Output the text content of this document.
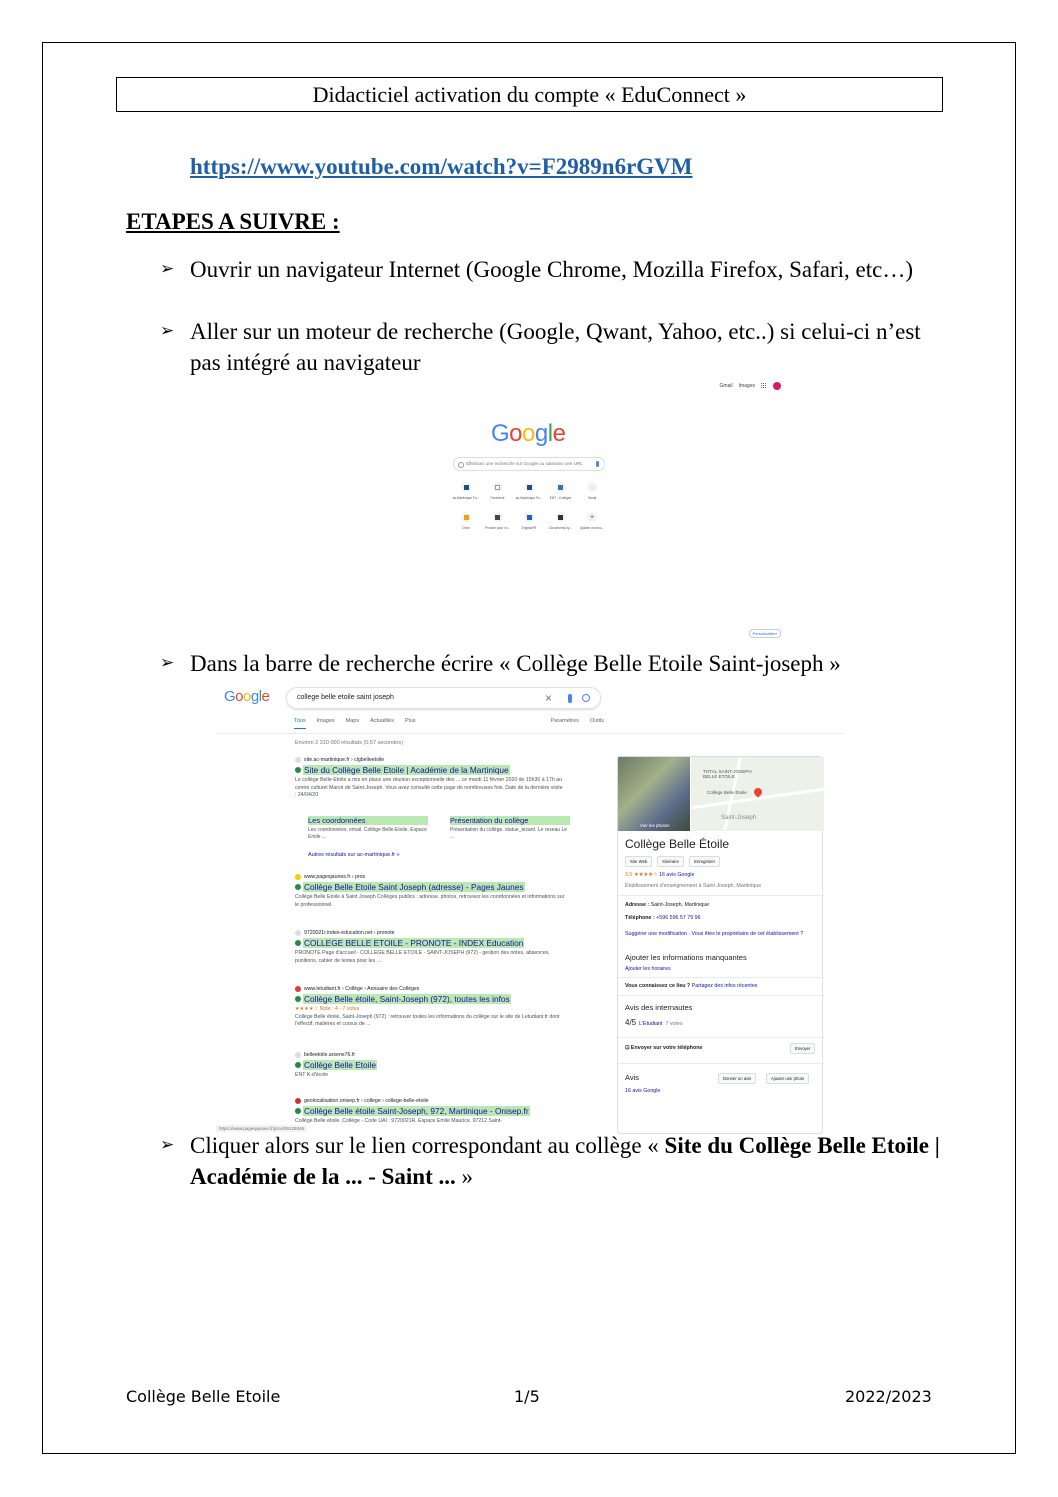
Didacticiel activation du compte « EduConnect »
https://www.youtube.com/watch?v=F2989n6rGVM
ETAPES A SUIVRE :
➢ Ouvrir un navigateur Internet (Google Chrome, Mozilla Firefox, Safari, etc…)
➢ Aller sur un moteur de recherche (Google, Qwant, Yahoo, etc..) si celui-ci n’est pas intégré au navigateur
Gmail Images
Google
Effectuez une recherche sur Google ou saisissez une URL
ac-Martinique Fo...	Facebook	ac-Martinique Fo... ENT - Collèges	Gmail
Drive	Pronote pour vo...	EnglishFR	Documents by...
+
Ajouter un racc...
Personnaliser
➢ Dans la barre de recherche écrire « Collège Belle Etoile Saint-joseph »
Google	college belle etoile saint joseph	×
Tous Images Maps Actualités Plus	Paramètres Outils
Environ 2 310 000 résultats (0,57 secondes)
site.ac-martinique.fr › clgbelleetoile
Site du Collège Belle Etoile | Académie de la Martinique
Le collège Belle-Etoile a mis en place une réunion exceptionnelle des ... ce mardi 11 février 2020 de 15h30 à 17h au centre culturel Marcé de Saint-Joseph. Vous avez consulté cette page de nombreuses fois. Date de la dernière visite : 24/04/20
Les coordonnées
Les coordonnées, email. Collège Belle-Etoile. Espace Emile ...
Présentation du collège
Présentation du collège. statue_lezard. Le reseau Le ...
Autres résultats sur ac-martinique.fr »
www.pagesjaunes.fr › pros
Collège Belle Etoile Saint Joseph (adresse) - Pages Jaunes
Collège Belle Etoile à Saint Joseph Collèges publics : adresse, photos, retrouvez les coordonnées et informations sur le professionnel.
9720021r.index-education.net › pronote
COLLEGE BELLE ETOILE - PRONOTE - INDEX Education
PRONOTE Page d'accueil - COLLEGE BELLE ETOILE - SAINT-JOSEPH (972) - gestion des notes, absences, punitions, cahier de textes pour les ...
www.letudiant.fr › Collège › Annuaire des Collèges
Collège Belle étoile, Saint-Joseph (972), toutes les infos
★★★★☆ Note : 4 - 7 votes
Collège Belle étoile, Saint-Joseph (972) : retrouver toutes les informations du collège sur le site de Letudiant.fr dont l'effectif, matières et cursus de ...
belleetoile.arsene76.fr
Collège Belle Etoile
ENT K-d'école
geolocalisation.onisep.fr › college › college-belle-etoile
Collège Belle étoile Saint-Joseph, 972, Martinique - Onisep.fr
Collège Belle étoile. Collège - Code UAI : 9720021R. Espace Emile Maurice. 97212 Saint-
https://www.pagesjaunes.fr/pros/09129346
Voir les photos
TOTAL SAINT-JOSEPH BELLE ETOILE
Collège Belle Étoile
Saint-Joseph
Collège Belle Étoile
Site Web	Itinéraire	Enregistrer
3,5 ★★★★☆ 16 avis Google
Établissement d'enseignement à Saint Joseph, Martinique
Adresse : Saint-Joseph, Martinique
Téléphone : +596 596 57 79 96
Suggérer une modification · Vous êtes le propriétaire de cet établissement ?
Ajouter les informations manquantes
Ajouter les horaires
Vous connaissez ce lieu ? Partagez des infos récentes
Avis des internautes
4/5 L'Etudiant 7 votes
⊡ Envoyer sur votre téléphone	Envoyer
Avis
16 avis Google
Donner un avis	Ajouter une photo
➢ Cliquer alors sur le lien correspondant au collège « Site du Collège Belle Etoile | Académie de la ... - Saint ... »
Collège Belle Etoile	1/5	2022/2023
